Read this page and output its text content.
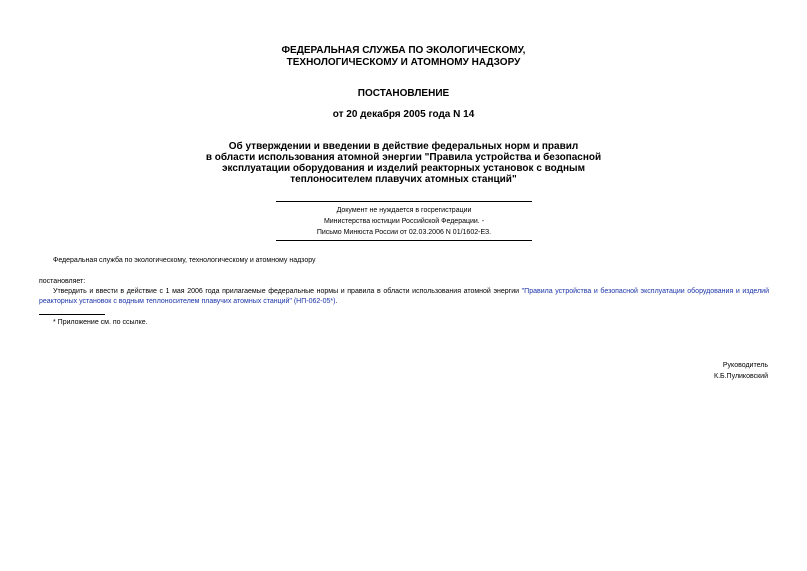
ФЕДЕРАЛЬНАЯ СЛУЖБА ПО ЭКОЛОГИЧЕСКОМУ,
ТЕХНОЛОГИЧЕСКОМУ И АТОМНОМУ НАДЗОРУ
ПОСТАНОВЛЕНИЕ
от 20 декабря 2005 года N 14
Об утверждении и введении в действие федеральных норм и правил
в области использования атомной энергии "Правила устройства и безопасной
эксплуатации оборудования и изделий реакторных установок с водным
теплоносителем плавучих атомных станций"
Документ не нуждается в госрегистрации
Министерства юстиции Российской Федерации. -
Письмо Минюста России от 02.03.2006 N 01/1602-ЕЗ.
Федеральная служба по экологическому, технологическому и атомному надзору
постановляет:
Утвердить и ввести в действие с 1 мая 2006 года прилагаемые федеральные нормы и правила в области использования атомной энергии "Правила устройства и безопасной эксплуатации оборудования и изделий реакторных установок с водным теплоносителем плавучих атомных станций" (НП-062-05*).
* Приложение см. по ссылке.
Руководитель
К.Б.Пуликовский
